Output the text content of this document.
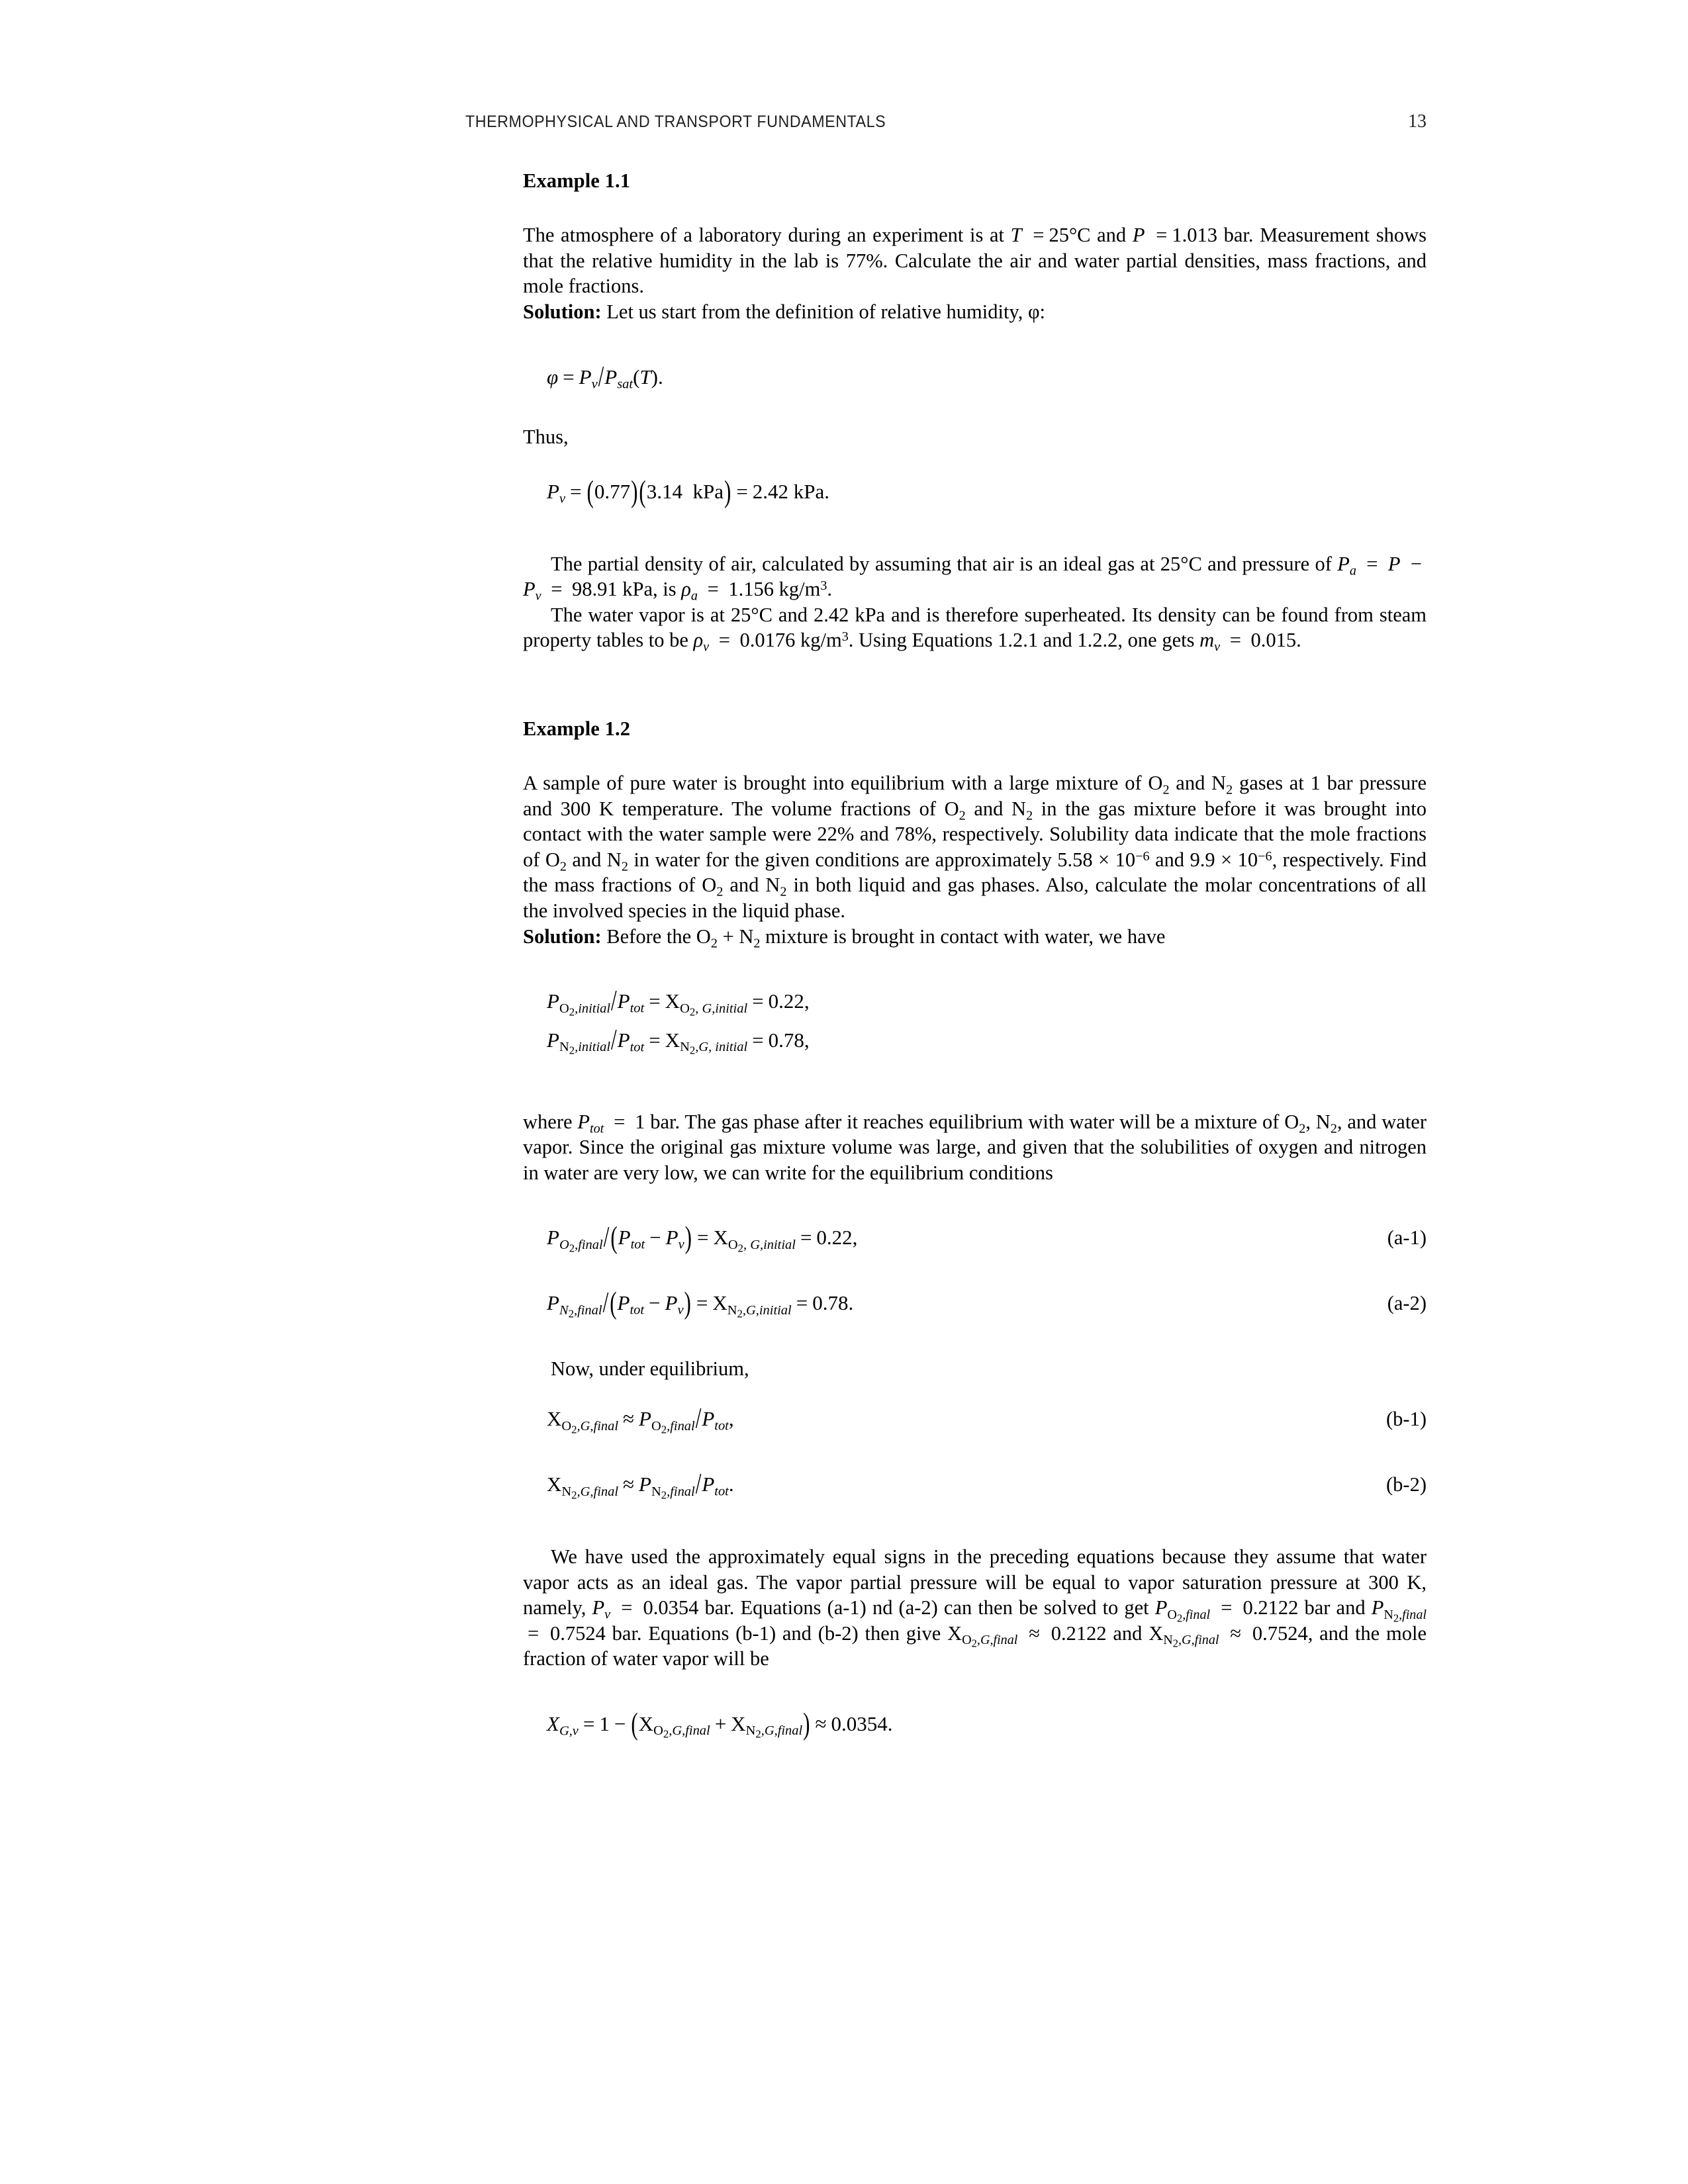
THERMOPHYSICAL AND TRANSPORT FUNDAMENTALS	13
Example 1.1

The atmosphere of a laboratory during an experiment is at T = 25°C and P = 1.013 bar. Measurement shows that the relative humidity in the lab is 77%. Calculate the air and water partial densities, mass fractions, and mole fractions.

Solution: Let us start from the definition of relative humidity, φ:

$\varphi = P_v/P_{sat}(T)$.

Thus,

$P_v = (0.77)(3.14$  kPa) = 2.42 kPa.

The partial density of air, calculated by assuming that air is an ideal gas at 25°C and pressure of $P_a = P - P_v = 98.91$ kPa, is $\rho_a = 1.156$ $kg/m^3$.

The water vapor is at 25°C and 2.42 kPa and is therefore superheated. Its density can be found from steam property tables to be $\rho_v = 0.0176$ $kg/m^3$. Using Equations 1.2.1 and 1.2.2, one gets $m_v = 0.015$.

Example 1.2

A sample of pure water is brought into equilibrium with a large mixture of $O_2$ and $N_2$ gases at 1 bar pressure and 300 K temperature. The volume fractions of $O_2$ and $N_2$ in the gas mixture before it was brought into contact with the water sample were 22% and 78%, respectively. Solubility data indicate that the mole fractions of $O_2$ and $N_2$ in water for the given conditions are approximately $5.58 \times 10^{-6}$ and $9.9 \times 10^{-6}$, respectively. Find the mass fractions of $O_2$ and $N_2$ in both liquid and gas phases. Also, calculate the molar concentrations of all the involved species in the liquid phase.

Solution: Before the $O_2 + N_2$ mixture is brought in contact with water, we have

$P_{O_2,initial}/P_{tot} = X_{O_2, G,initial} = 0.22$,
$P_{N_2,initial}/P_{tot} = X_{N_2,G, initial} = 0.78$,

where $P_{tot} = 1$ bar. The gas phase after it reaches equilibrium with water will be a mixture of $O_2$, $N_2$, and water vapor. Since the original gas mixture volume was large, and given that the solubilities of oxygen and nitrogen in water are very low, we can write for the equilibrium conditions

$P_{O_2,final}/(P_{tot} - P_v) = X_{O_2, G,initial} = 0.22$,	(a-1)
$P_{N_2,final}/(P_{tot} - P_v) = X_{N_2,G,initial} = 0.78$.	(a-2)

Now, under equilibrium,

$X_{O_2,G,final} \approx P_{O_2,final}/P_{tot}$,	(b-1)
$X_{N_2,G,final} \approx P_{N_2,final}/P_{tot}$.	(b-2)

We have used the approximately equal signs in the preceding equations because they assume that water vapor acts as an ideal gas. The vapor partial pressure will be equal to vapor saturation pressure at 300 K, namely, $P_v = 0.0354$ bar. Equations (a-1) nd (a-2) can then be solved to get $P_{O_2,final} = 0.2122$ bar and $P_{N_2,final} = 0.7524$ bar. Equations (b-1) and (b-2) then give $X_{O_2,G,final} \approx 0.2122$ and $X_{N_2,G,final} \approx 0.7524$, and the mole fraction of water vapor will be

$X_{G,v} = 1 - (X_{O_2,G,final} + X_{N_2,G,final}) \approx 0.0354$.
